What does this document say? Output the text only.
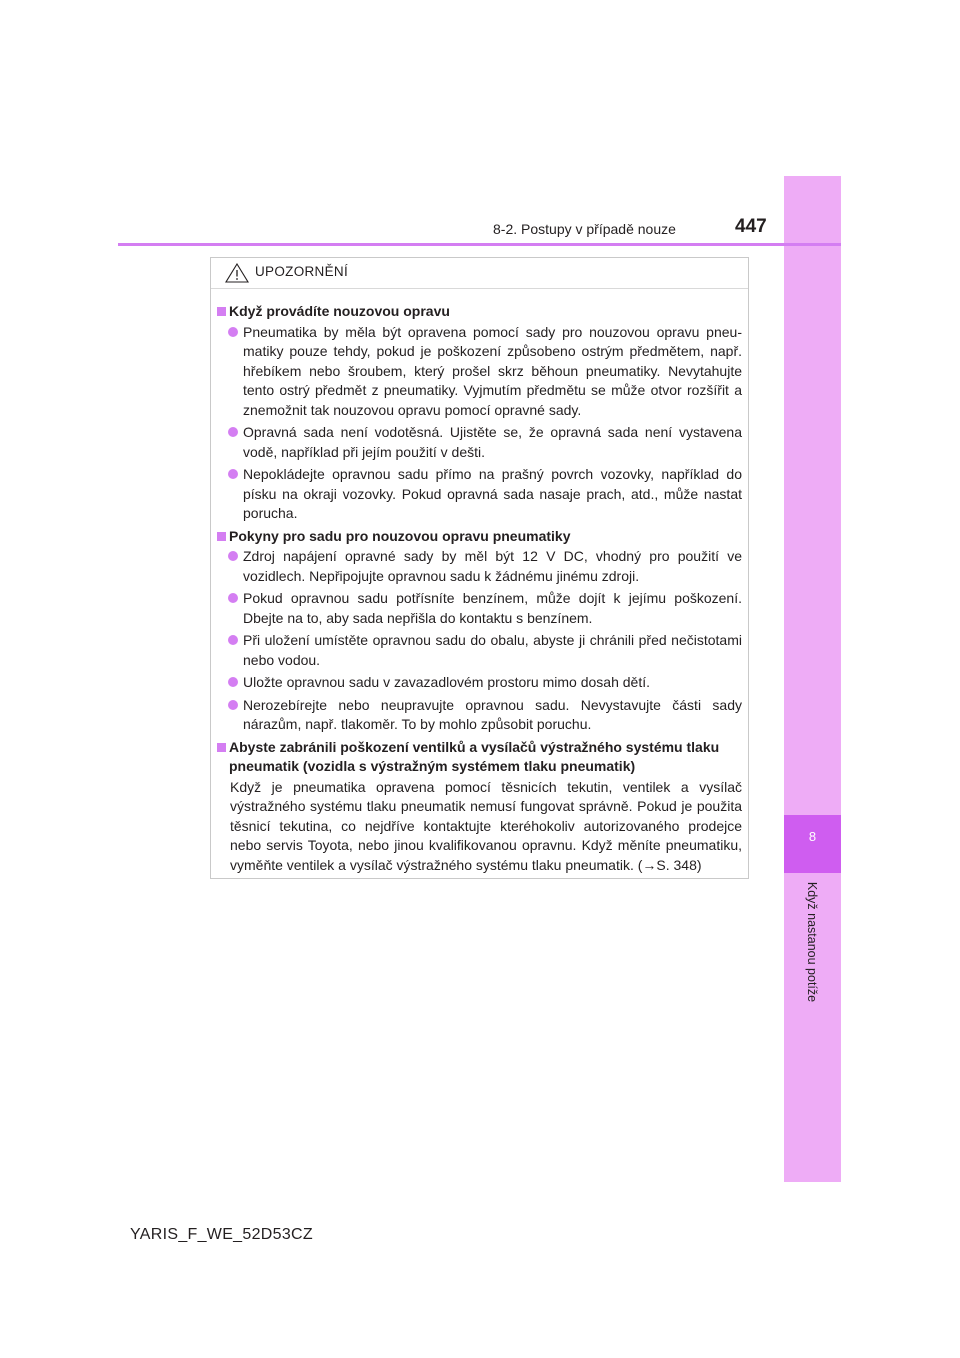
8
Když nastanou potíže
8-2. Postupy v případě nouze	447
UPOZORNĚNÍ
Když provádíte nouzovou opravu
Pneumatika by měla být opravena pomocí sady pro nouzovou opravu pneumatiky pouze tehdy, pokud je poškození způsobeno ostrým předmětem, např. hřebíkem nebo šroubem, který prošel skrz běhoun pneumatiky. Nevytahujte tento ostrý předmět z pneumatiky. Vyjmutím předmětu se může otvor rozšířit a znemožnit tak nouzovou opravu pomocí opravné sady.
Opravná sada není vodotěsná. Ujistěte se, že opravná sada není vystavena vodě, například při jejím použití v dešti.
Nepokládejte opravnou sadu přímo na prašný povrch vozovky, například do písku na okraji vozovky. Pokud opravná sada nasaje prach, atd., může nastat porucha.
Pokyny pro sadu pro nouzovou opravu pneumatiky
Zdroj napájení opravné sady by měl být 12 V DC, vhodný pro použití ve vozidlech. Nepřipojujte opravnou sadu k žádnému jinému zdroji.
Pokud opravnou sadu potřísníte benzínem, může dojít k jejímu poškození. Dbejte na to, aby sada nepřišla do kontaktu s benzínem.
Při uložení umístěte opravnou sadu do obalu, abyste ji chránili před nečistotami nebo vodou.
Uložte opravnou sadu v zavazadlovém prostoru mimo dosah dětí.
Nerozebírejte nebo neupravujte opravnou sadu. Nevystavujte části sady nárazům, např. tlakoměr. To by mohlo způsobit poruchu.
Abyste zabránili poškození ventilků a vysílačů výstražného systému tlaku pneumatik (vozidla s výstražným systémem tlaku pneumatik)
Když je pneumatika opravena pomocí těsnicích tekutin, ventilek a vysílač výstražného systému tlaku pneumatik nemusí fungovat správně. Pokud je použita těsnicí tekutina, co nejdříve kontaktujte kteréhokoliv autorizovaného prodejce nebo servis Toyota, nebo jinou kvalifikovanou opravnu. Když měníte pneumatiku, vyměňte ventilek a vysílač výstražného systému tlaku pneumatik. (→S. 348)
YARIS_F_WE_52D53CZ
